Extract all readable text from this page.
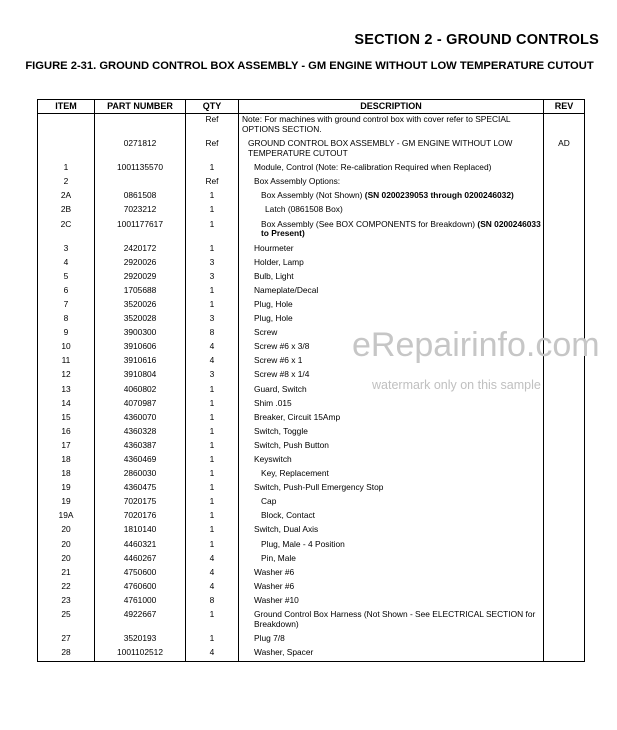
SECTION 2 - GROUND CONTROLS
FIGURE 2-31. GROUND CONTROL BOX ASSEMBLY - GM ENGINE WITHOUT LOW TEMPERATURE CUTOUT
ITEM	PART NUMBER	QTY	DESCRIPTION	REV
		Ref	Note: For machines with ground control box with cover refer to SPECIAL OPTIONS SECTION.	
	0271812	Ref	GROUND CONTROL BOX ASSEMBLY - GM ENGINE WITHOUT LOW TEMPERATURE CUTOUT	AD
1	1001135570	1	Module, Control (Note: Re-calibration Required when Replaced)	
2		Ref	Box Assembly Options:	
2A	0861508	1	Box Assembly (Not Shown) (SN 0200239053 through 0200246032)	
2B	7023212	1	Latch (0861508 Box)	
2C	1001177617	1	Box Assembly (See BOX COMPONENTS for Breakdown) (SN 0200246033 to Present)	
3	2420172	1	Hourmeter	
4	2920026	3	Holder, Lamp	
5	2920029	3	Bulb, Light	
6	1705688	1	Nameplate/Decal	
7	3520026	1	Plug, Hole	
8	3520028	3	Plug, Hole	
9	3900300	8	Screw	
10	3910606	4	Screw #6 x 3/8	
11	3910616	4	Screw #6 x 1	
12	3910804	3	Screw #8 x 1/4	
13	4060802	1	Guard, Switch	
14	4070987	1	Shim .015	
15	4360070	1	Breaker, Circuit 15Amp	
16	4360328	1	Switch, Toggle	
17	4360387	1	Switch, Push Button	
18	4360469	1	Keyswitch	
18	2860030	1	Key, Replacement	
19	4360475	1	Switch, Push-Pull Emergency Stop	
19	7020175	1	Cap	
19A	7020176	1	Block, Contact	
20	1810140	1	Switch, Dual Axis	
20	4460321	1	Plug, Male - 4 Position	
20	4460267	4	Pin, Male	
21	4750600	4	Washer #6	
22	4760600	4	Washer #6	
23	4761000	8	Washer #10	
25	4922667	1	Ground Control Box Harness (Not Shown - See ELECTRICAL SECTION for Breakdown)	
27	3520193	1	Plug 7/8	
28	1001102512	4	Washer, Spacer	
eRepairinfo.com
watermark only on this sample
